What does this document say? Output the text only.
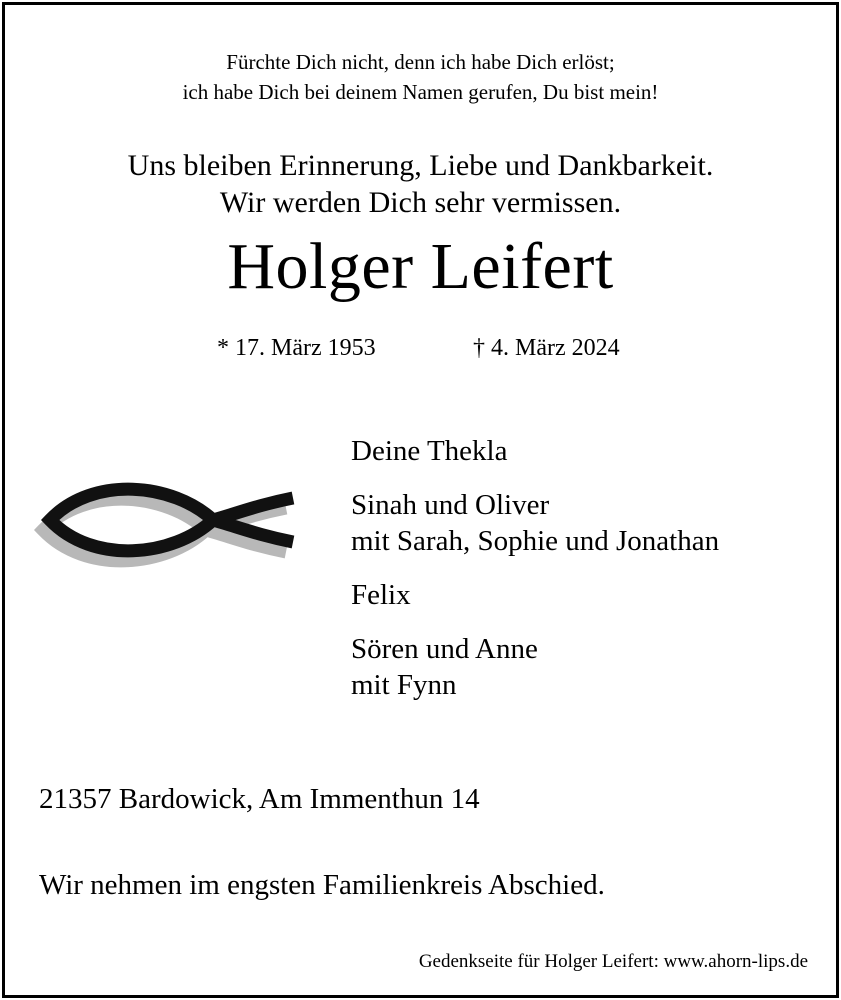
Fürchte Dich nicht, denn ich habe Dich erlöst;
ich habe Dich bei deinem Namen gerufen, Du bist mein!
Uns bleiben Erinnerung, Liebe und Dankbarkeit.
Wir werden Dich sehr vermissen.
Holger Leifert
* 17. März 1953	† 4. März 2024
Deine Thekla
Sinah und Oliver
mit Sarah, Sophie und Jonathan
Felix
Sören und Anne
mit Fynn
21357 Bardowick, Am Immenthun 14
Wir nehmen im engsten Familienkreis Abschied.
Gedenkseite für Holger Leifert: www.ahorn-lips.de
